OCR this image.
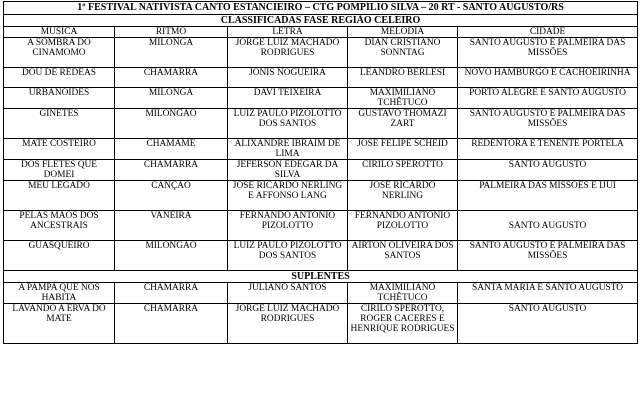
1º FESTIVAL NATIVISTA CANTO ESTANCIEIRO – CTG POMPÍLIO SILVA – 20 RT - SANTO AUGUSTO/RS				
CLASSIFICADAS FASE REGIÃO CELEIRO				
MÚSICA	RITMO	LETRA	MELODIA	CIDADE
A SOMBRA DO CINAMOMO	MILONGA	JORGE LUIZ MACHADO RODRIGUES	DIAN CRISTIANO SONNTAG	SANTO AUGUSTO E PALMEIRA DAS MISSÕES
DOU DE RÉDEAS	CHAMARRA	JÔNIS NOGUEIRA	LEANDRO BERLESI	NOVO HAMBURGO E CACHOEIRINHA
URBANÓIDES	MILONGA	DAVI TEIXEIRA	MAXIMILIANO TCHÊTUCO	PORTO ALEGRE E SANTO AUGUSTO
GINETES	MILONGÃO	LUIZ PAULO PIZOLOTTO DOS SANTOS	GUSTAVO THOMAZI ZART	SANTO AUGUSTO E PALMEIRA DAS MISSÕES
MATE COSTEIRO	CHAMAMÉ	ALIXANDRE IBRAIM DE LIMA	JOSÉ FELIPE SCHEID	REDENTORA E TENENTE PORTELA
DOS FLETES QUE DOMEI	CHAMARRA	JEFERSON EDEGAR DA SILVA	CIRILO SPEROTTO	SANTO AUGUSTO
MEU LEGADO	CANÇÃO	JOSÉ RICARDO NERLING E AFFONSO LANG	JOSÉ RICARDO NERLING	PALMEIRA DAS MISSÕES E IJUÍ
PELAS MÃOS DOS ANCESTRAIS	VANEIRA	FERNANDO ANTONIO PIZOLOTTO	FERNANDO ANTONIO PIZOLOTTO	SANTO AUGUSTO
GUASQUEIRO	MILONGÃO	LUIZ PAULO PIZOLOTTO DOS SANTOS	AIRTON OLIVEIRA DOS SANTOS	SANTO AUGUSTO E PALMEIRA DAS MISSÕES
SUPLENTES				
A PAMPA QUE NOS HABITA	CHAMARRA	JULIANO SANTOS	MAXIMILIANO TCHÊTUCO	SANTA MARIA E SANTO AUGUSTO
LAVANDO A ERVA DO MATE	CHAMARRA	JORGE LUIZ MACHADO RODRIGUES	CIRILO SPEROTTO, ROGER CACERES E HENRIQUE RODRIGUES	SANTO AUGUSTO
